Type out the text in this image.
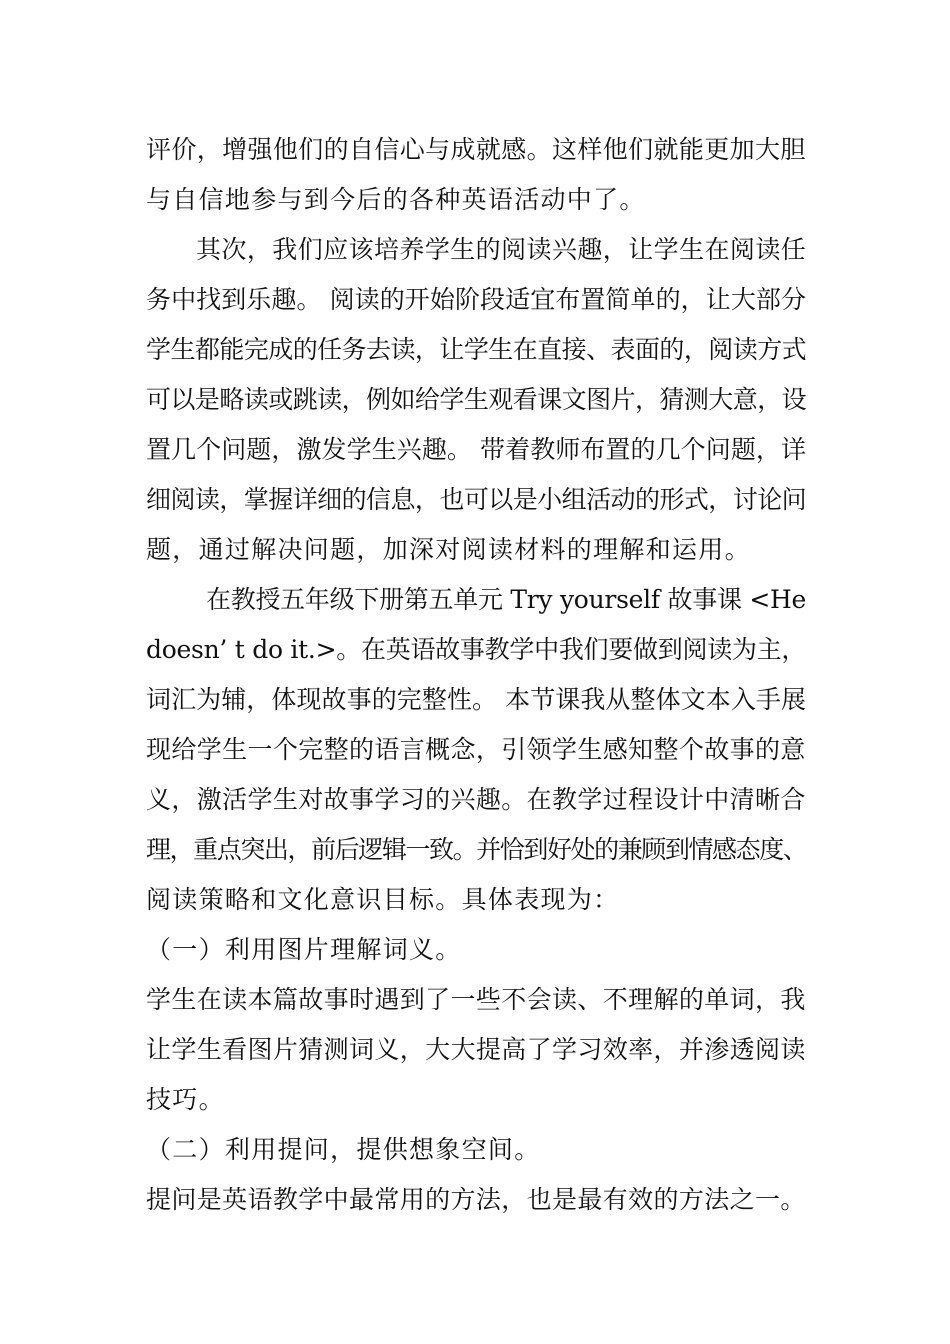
评价，增强他们的自信心与成就感。这样他们就能更加大胆
与自信地参与到今后的各种英语活动中了。
其次，我们应该培养学生的阅读兴趣，让学生在阅读任
务中找到乐趣。 阅读的开始阶段适宜布置简单的，让大部分
学生都能完成的任务去读，让学生在直接、表面的，阅读方式
可以是略读或跳读，例如给学生观看课文图片，猜测大意，设
置几个问题，激发学生兴趣。 带着教师布置的几个问题，详
细阅读，掌握详细的信息，也可以是小组活动的形式，讨论问
题，通过解决问题，加深对阅读材料的理解和运用。
在教授五年级下册第五单元 Try yourself 故事课 <He
doesn’ t do it.>。在英语故事教学中我们要做到阅读为主，
词汇为辅，体现故事的完整性。 本节课我从整体文本入手展
现给学生一个完整的语言概念，引领学生感知整个故事的意
义，激活学生对故事学习的兴趣。在教学过程设计中清晰合
理，重点突出，前后逻辑一致。并恰到好处的兼顾到情感态度、
阅读策略和文化意识目标。具体表现为：
（一）利用图片理解词义。
学生在读本篇故事时遇到了一些不会读、不理解的单词，我
让学生看图片猜测词义，大大提高了学习效率，并渗透阅读
技巧。
（二）利用提问，提供想象空间。
提问是英语教学中最常用的方法，也是最有效的方法之一。
